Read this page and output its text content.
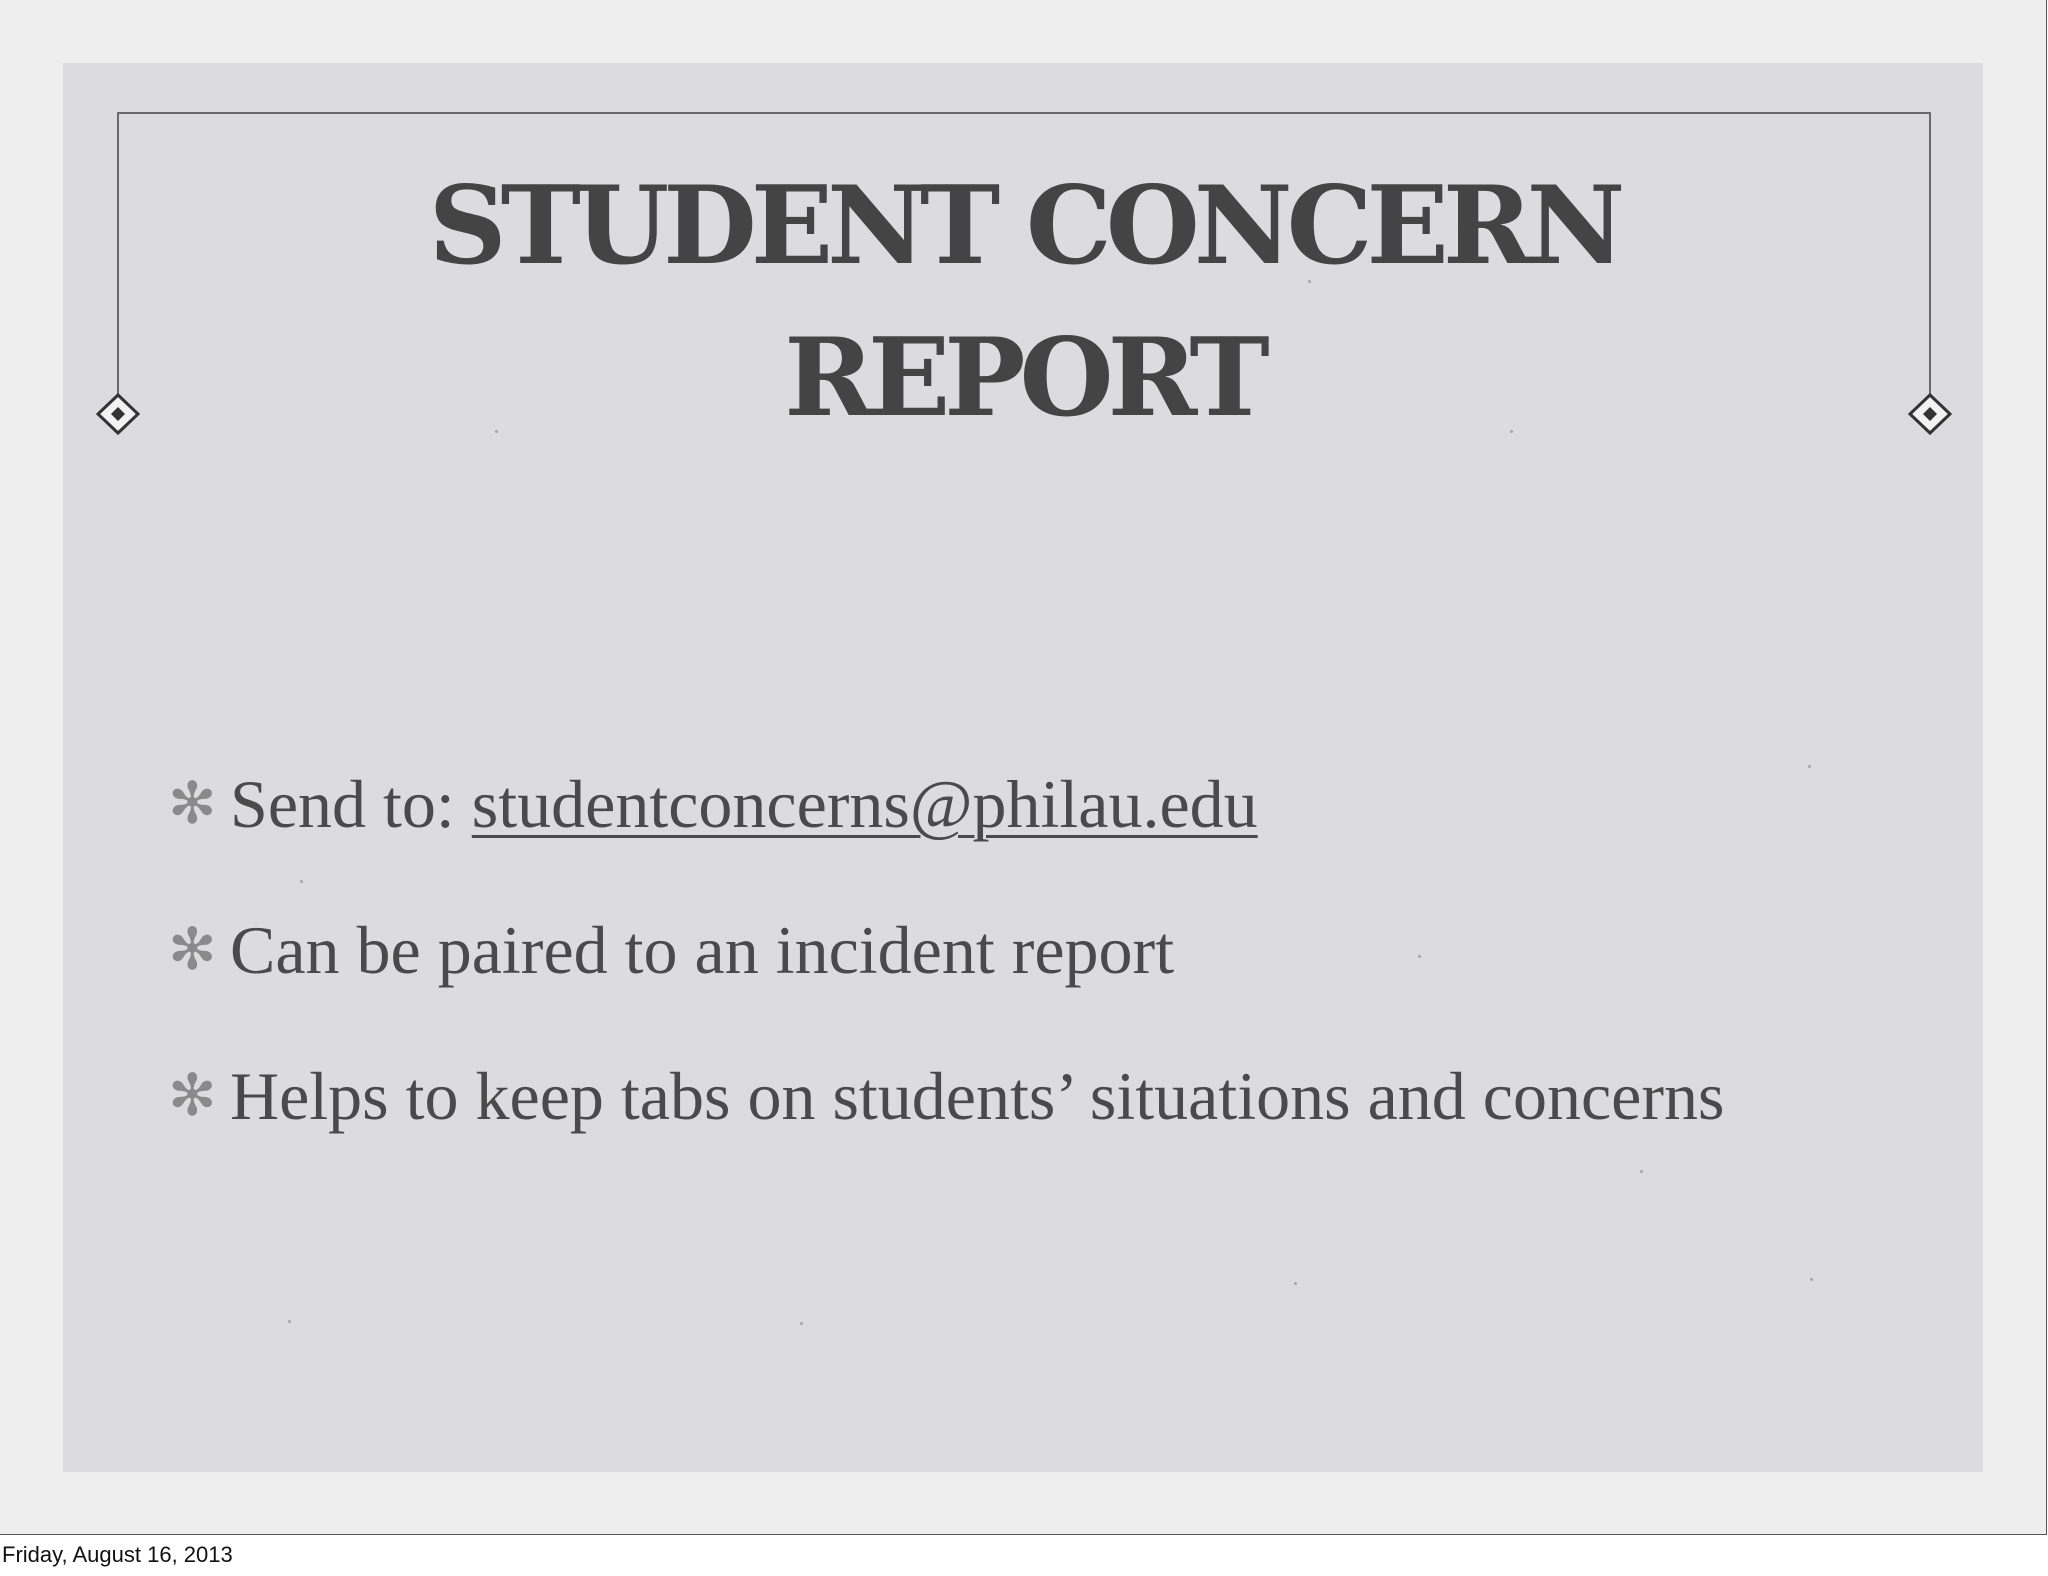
STUDENT CONCERN
REPORT
✻ Send to: studentconcerns@philau.edu
✻ Can be paired to an incident report
✻ Helps to keep tabs on students’ situations and concerns
Friday, August 16, 2013
